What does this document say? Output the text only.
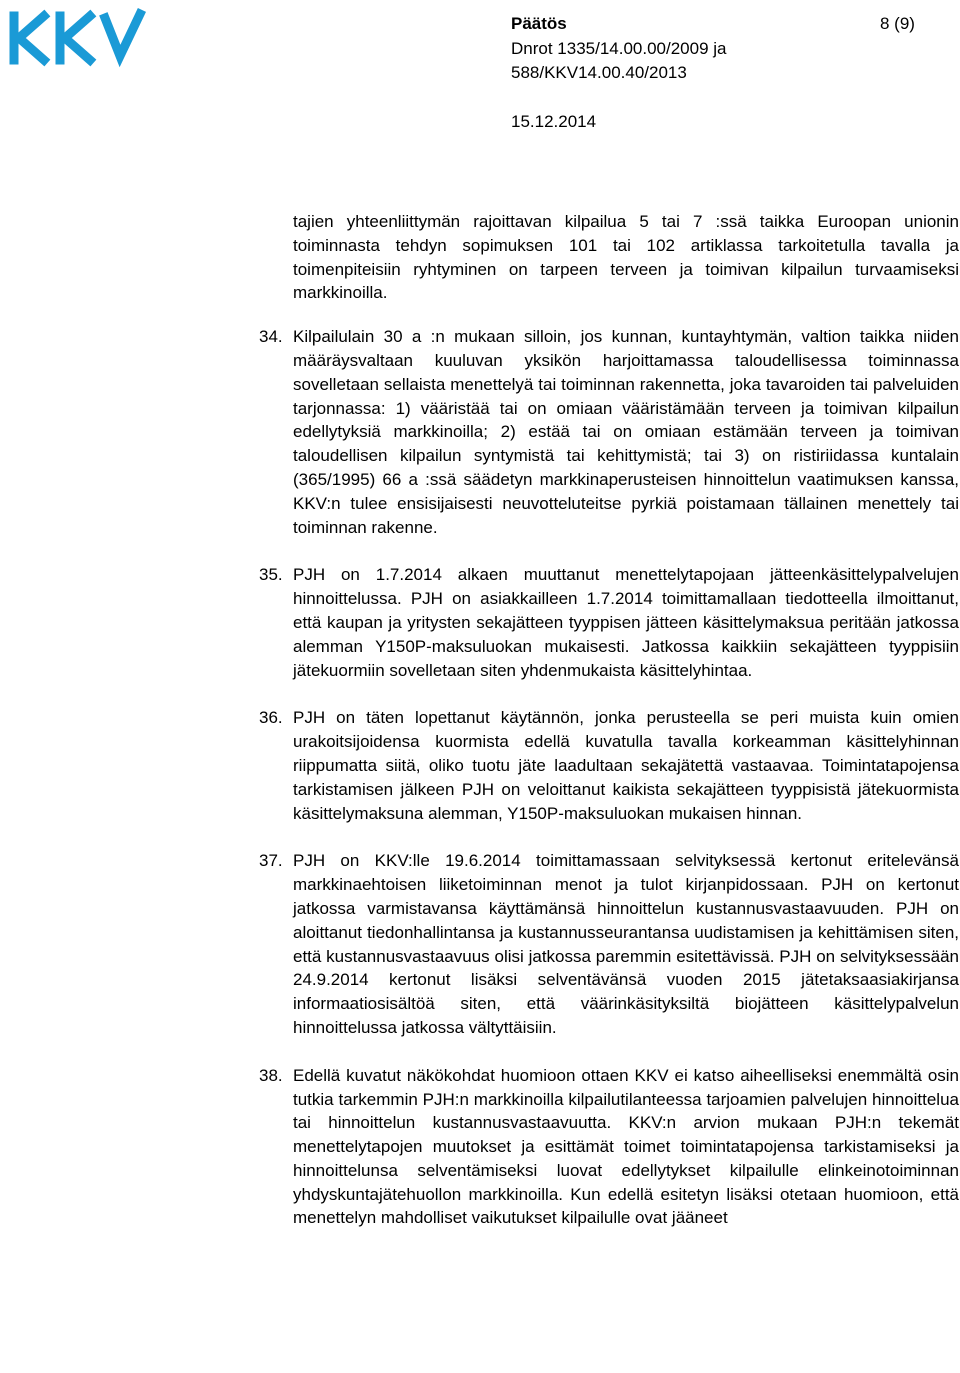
Päätös	8 (9)
Dnrot 1335/14.00.00/2009 ja
588/KKV14.00.40/2013
15.12.2014
tajien yhteenliittymän rajoittavan kilpailua 5 tai 7 :ssä taikka Euroopan unionin toiminnasta tehdyn sopimuksen 101 tai 102 artiklassa tarkoitetulla tavalla ja toimenpiteisiin ryhtyminen on tarpeen terveen ja toimivan kilpailun turvaamiseksi markkinoilla.
34. Kilpailulain 30 a :n mukaan silloin, jos kunnan, kuntayhtymän, valtion taikka niiden määräysvaltaan kuuluvan yksikön harjoittamassa taloudellisessa toiminnassa sovelletaan sellaista menettelyä tai toiminnan rakennetta, joka tavaroiden tai palveluiden tarjonnassa: 1) vääristää tai on omiaan vääristämään terveen ja toimivan kilpailun edellytyksiä markkinoilla; 2) estää tai on omiaan estämään terveen ja toimivan taloudellisen kilpailun syntymistä tai kehittymistä; tai 3) on ristiriidassa kuntalain (365/1995) 66 a :ssä säädetyn markkinaperusteisen hinnoittelun vaatimuksen kanssa, KKV:n tulee ensisijaisesti neuvotteluteitse pyrkiä poistamaan tällainen menettely tai toiminnan rakenne.
35. PJH on 1.7.2014 alkaen muuttanut menettelytapojaan jätteenkäsittelypalvelujen hinnoittelussa. PJH on asiakkailleen 1.7.2014 toimittamallaan tiedotteella ilmoittanut, että kaupan ja yritysten sekajätteen tyyppisen jätteen käsittelymaksua peritään jatkossa alemman Y150P-maksuluokan mukaisesti. Jatkossa kaikkiin sekajätteen tyyppisiin jätekuormiin sovelletaan siten yhdenmukaista käsittelyhintaa.
36. PJH on täten lopettanut käytännön, jonka perusteella se peri muista kuin omien urakoitsijoidensa kuormista edellä kuvatulla tavalla korkeamman käsittelyhinnan riippumatta siitä, oliko tuotu jäte laadultaan sekajätettä vastaavaa. Toimintatapojensa tarkistamisen jälkeen PJH on veloittanut kaikista sekajätteen tyyppisistä jätekuormista käsittelymaksuna alemman, Y150P-maksuluokan mukaisen hinnan.
37. PJH on KKV:lle 19.6.2014 toimittamassaan selvityksessä kertonut eritelevänsä markkinaehtoisen liiketoiminnan menot ja tulot kirjanpidossaan. PJH on kertonut jatkossa varmistavansa käyttämänsä hinnoittelun kustannusvastaavuuden. PJH on aloittanut tiedonhallintansa ja kustannusseurantansa uudistamisen ja kehittämisen siten, että kustannusvastaavuus olisi jatkossa paremmin esitettävissä. PJH on selvityksessään 24.9.2014 kertonut lisäksi selventävänsä vuoden 2015 jätetaksaasiakirjansa informaatiosisältöä siten, että väärinkäsityksiltä biojätteen käsittelypalvelun hinnoittelussa jatkossa vältyttäisiin.
38. Edellä kuvatut näkökohdat huomioon ottaen KKV ei katso aiheelliseksi enemmältä osin tutkia tarkemmin PJH:n markkinoilla kilpailutilanteessa tarjoamien palvelujen hinnoittelua tai hinnoittelun kustannusvastaavuutta. KKV:n arvion mukaan PJH:n tekemät menettelytapojen muutokset ja esittämät toimet toimintatapojensa tarkistamiseksi ja hinnoittelunsa selventämiseksi luovat edellytykset kilpailulle elinkeinotoiminnan yhdyskuntajätehuollon markkinoilla. Kun edellä esitetyn lisäksi otetaan huomioon, että menettelyn mahdolliset vaikutukset kilpailulle ovat jääneet
